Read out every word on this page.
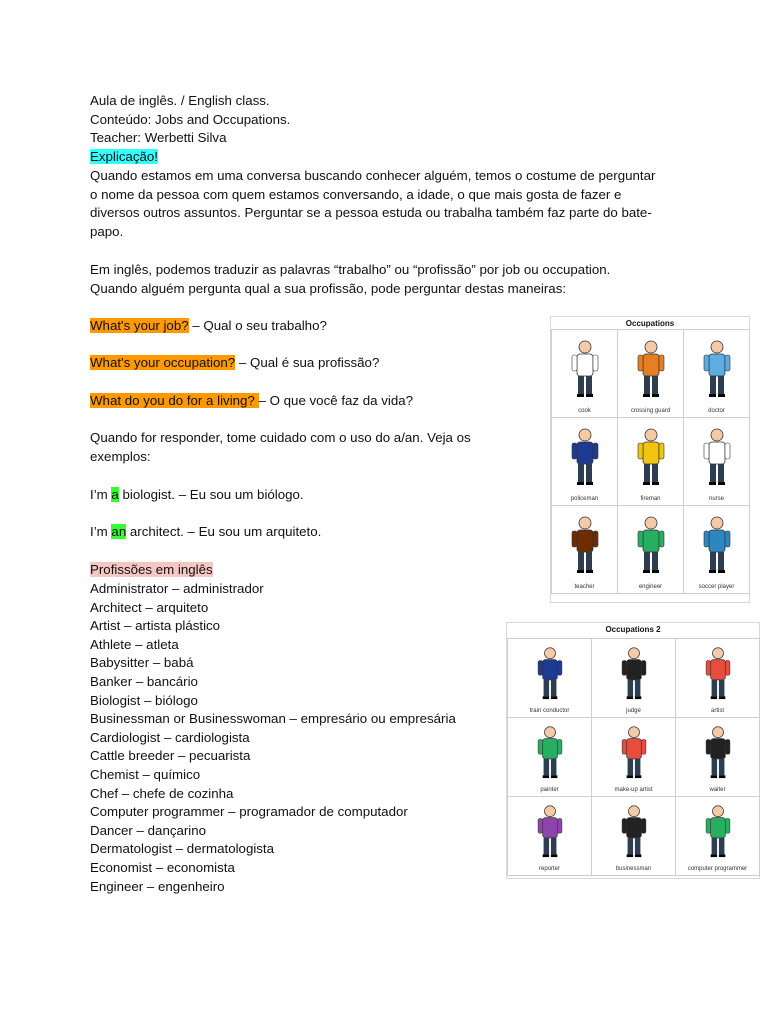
Aula de inglês. / English class.
Conteúdo: Jobs and Occupations.
Teacher: Werbetti Silva
Explicação!
Quando estamos em uma conversa buscando conhecer alguém, temos o costume de perguntar
o nome da pessoa com quem estamos conversando, a idade, o que mais gosta de fazer e
diversos outros assuntos. Perguntar se a pessoa estuda ou trabalha também faz parte do bate-
papo.
Em inglês, podemos traduzir as palavras “trabalho” ou “profissão” por job ou occupation.
Quando alguém pergunta qual a sua profissão, pode perguntar destas maneiras:
What's your job? – Qual o seu trabalho?
What's your occupation? – Qual é sua profissão?
What do you do for a living? – O que você faz da vida?
Quando for responder, tome cuidado com o uso do a/an. Veja os
exemplos:
I’m a biologist. – Eu sou um biólogo.
I’m an architect. – Eu sou um arquiteto.
Profissões em inglês
Administrator – administrador
Architect – arquiteto
Artist – artista plástico
Athlete – atleta
Babysitter – babá
Banker – bancário
Biologist – biólogo
Businessman or Businesswoman – empresário ou empresária
Cardiologist – cardiologista
Cattle breeder – pecuarista
Chemist – químico
Chef – chefe de cozinha
Computer programmer – programador de computador
Dancer – dançarino
Dermatologist – dermatologista
Economist – economista
Engineer – engenheiro
Occupations
cook	crossing guard	doctor
policeman	fireman	nurse
teacher	engineer	soccer player
Occupations 2
train conductor	judge	artist
painter	make-up artist	waiter
reporter	businessman	computer programmer
